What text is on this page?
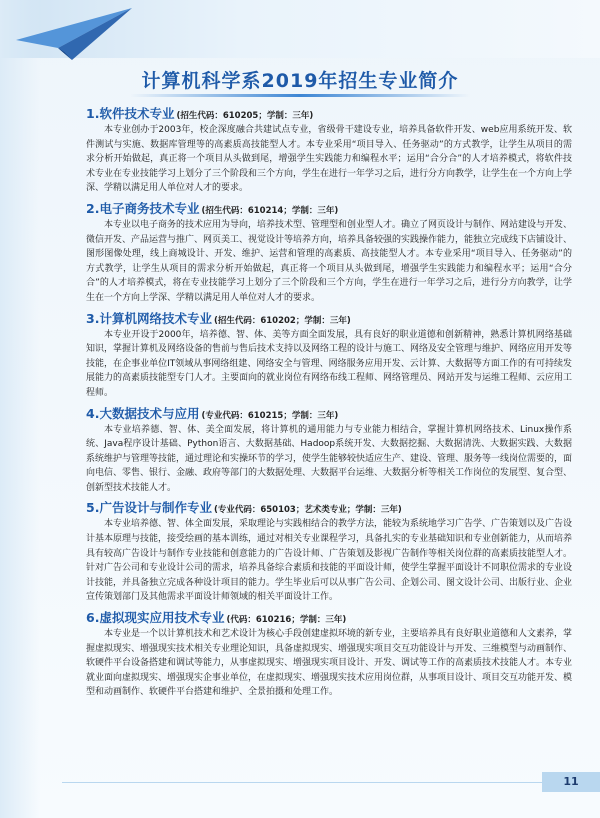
计算机科学系2019年招生专业简介
1.软件技术专业 (招生代码：610205；学制：三年)

本专业创办于2003年，校企深度融合共建试点专业，省级骨干建设专业，培养具备软件开发、web应用系统开发、软件测试与实施、数据库管理等的高素质高技能型人才。本专业采用“项目导入、任务驱动”的方式教学，让学生从项目的需求分析开始做起，真正将一个项目从头做到尾，增强学生实践能力和编程水平；运用“合分合”的人才培养模式，将软件技术专业在专业技能学习上划分了三个阶段和三个方向，学生在进行一年学习之后，进行分方向教学，让学生在一个方向上学深、学精以满足用人单位对人才的要求。

2.电子商务技术专业 (招生代码：610214；学制：三年)

本专业以电子商务的技术应用为导向，培养技术型、管理型和创业型人才。确立了网页设计与制作、网站建设与开发、微信开发、产品运营与推广、网页美工、视觉设计等培养方向，培养具备较强的实践操作能力，能独立完成线下店铺设计、图形图像处理，线上商城设计、开发、维护、运营和管理的高素质、高技能型人才。本专业采用“项目导入、任务驱动”的方式教学，让学生从项目的需求分析开始做起，真正将一个项目从头做到尾，增强学生实践能力和编程水平；运用“合分合”的人才培养模式，将在专业技能学习上划分了三个阶段和三个方向，学生在进行一年学习之后，进行分方向教学，让学生在一个方向上学深、学精以满足用人单位对人才的要求。

3.计算机网络技术专业 (招生代码：610202；学制：三年)

本专业开设于2000年，培养德、智、体、美等方面全面发展，具有良好的职业道德和创新精神，熟悉计算机网络基础知识，掌握计算机及网络设备的售前与售后技术支持以及网络工程的设计与施工、网络及安全管理与维护、网络应用开发等技能，在企事业单位IT领域从事网络组建、网络安全与管理、网络服务应用开发、云计算、大数据等方面工作的有可持续发展能力的高素质技能型专门人才。主要面向的就业岗位有网络布线工程师、网络管理员、网站开发与运维工程师、云应用工程师。

4.大数据技术与应用 (专业代码：610215；学制：三年)

本专业培养德、智、体、美全面发展，将计算机的通用能力与专业能力相结合，掌握计算机网络技术、Linux操作系统、Java程序设计基础、Python语言、大数据基础、Hadoop系统开发、大数据挖掘、大数据清洗、大数据实践、大数据系统维护与管理等技能，通过理论和实操环节的学习，使学生能够较快适应生产、建设、管理、服务等一线岗位需要的，面向电信、零售、银行、金融、政府等部门的大数据处理、大数据平台运维、大数据分析等相关工作岗位的发展型、复合型、创新型技术技能人才。

5.广告设计与制作专业 (专业代码：650103；艺术类专业；学制：三年)

本专业培养德、智、体全面发展，采取理论与实践相结合的教学方法，能较为系统地学习广告学、广告策划以及广告设计基本原理与技能，接受绘画的基本训练，通过对相关专业课程学习，具备扎实的专业基础知识和专业创新能力，从而培养具有较高广告设计与制作专业技能和创意能力的广告设计师、广告策划及影视广告制作等相关岗位群的高素质技能型人才。针对广告公司和专业设计公司的需求，培养具备综合素质和技能的平面设计师，使学生掌握平面设计不同职位需求的专业设计技能，并具备独立完成各种设计项目的能力。学生毕业后可以从事广告公司、企划公司、图文设计公司、出版行业、企业宣传策划部门及其他需求平面设计师领域的相关平面设计工作。

6.虚拟现实应用技术专业 (代码：610216；学制：三年)

本专业是一个以计算机技术和艺术设计为核心手段创建虚拟环境的新专业，主要培养具有良好职业道德和人文素养，掌握虚拟现实、增强现实技术相关专业理论知识，具备虚拟现实、增强现实项目交互功能设计与开发、三维模型与动画制作、软硬件平台设备搭建和调试等能力，从事虚拟现实、增强现实项目设计、开发、调试等工作的高素质技术技能人才。本专业就业面向虚拟现实、增强现实企事业单位，在虚拟现实、增强现实技术应用岗位群，从事项目设计、项目交互功能开发、模型和动画制作、软硬件平台搭建和维护、全景拍摄和处理工作。

11
